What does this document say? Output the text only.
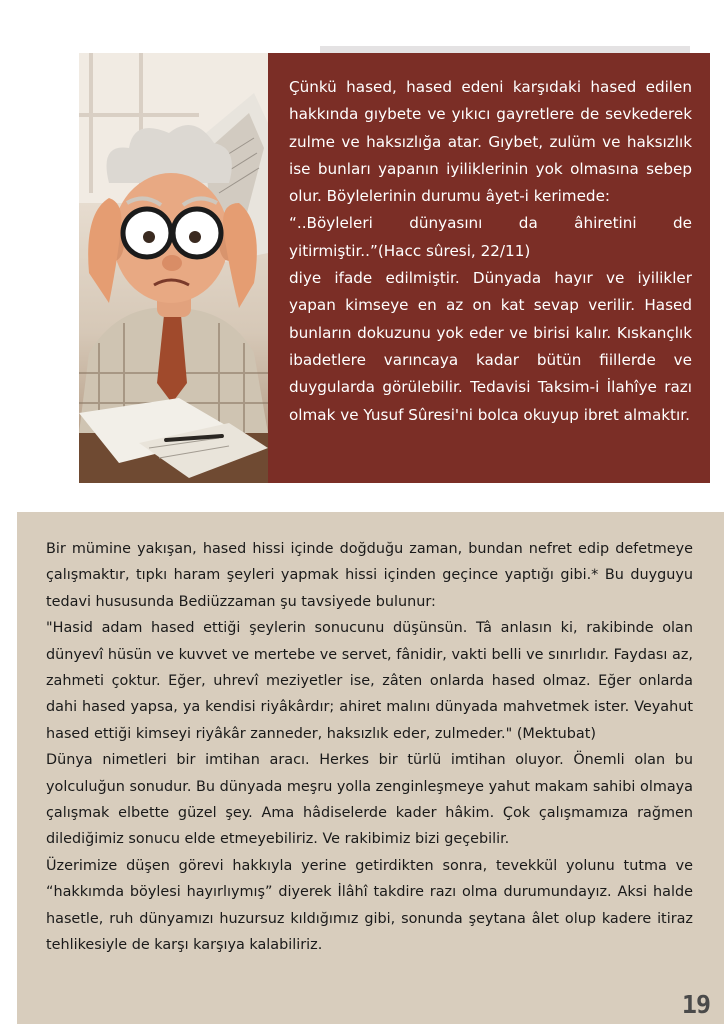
Çünkü hased, hased edeni karşıdaki hased edilen hakkında gıybete ve yıkıcı gayretlere de sevkederek zulme ve haksızlığa atar. Gıybet, zulüm ve haksızlık ise bunları yapanın iyiliklerinin yok olmasına sebep olur. Böylelerinin durumu âyet-i kerimede:

“..Böyleleri dünyasını da âhiretini de yitirmiştir..”(Hacc sûresi, 22/11)

diye ifade edilmiştir. Dünyada hayır ve iyilikler yapan kimseye en az on kat sevap verilir. Hased bunların dokuzunu yok eder ve birisi kalır. Kıskançlık ibadetlere varıncaya kadar bütün fiillerde ve duygularda görülebilir. Tedavisi Taksim-i İlahîye razı olmak ve Yusuf Sûresi'ni bolca okuyup ibret almaktır.

Bir mümine yakışan, hased hissi içinde doğduğu zaman, bundan nefret edip defetmeye çalışmaktır, tıpkı haram şeyleri yapmak hissi içinden geçince yaptığı gibi.* Bu duyguyu tedavi hususunda Bediüzzaman şu tavsiyede bulunur:

"Hasid adam hased ettiği şeylerin sonucunu düşünsün. Tâ anlasın ki, rakibinde olan dünyevî hüsün ve kuvvet ve mertebe ve servet, fânidir, vakti belli ve sınırlıdır. Faydası az, zahmeti çoktur. Eğer, uhrevî meziyetler ise, zâten onlarda hased olmaz. Eğer onlarda dahi hased yapsa, ya kendisi riyâkârdır; ahiret malını dünyada mahvetmek ister. Veyahut hased ettiği kimseyi riyâkâr zanneder, haksızlık eder, zulmeder." (Mektubat)

Dünya nimetleri bir imtihan aracı. Herkes bir türlü imtihan oluyor. Önemli olan bu yolculuğun sonudur. Bu dünyada meşru yolla zenginleşmeye yahut makam sahibi olmaya çalışmak elbette güzel şey. Ama hâdiselerde kader hâkim. Çok çalışmamıza rağmen dilediğimiz sonucu elde etmeyebiliriz. Ve rakibimiz bizi geçebilir.

Üzerimize düşen görevi hakkıyla yerine getirdikten sonra, tevekkül yolunu tutma ve “hakkımda böylesi hayırlıymış” diyerek İlâhî takdire razı olma durumundayız. Aksi halde hasetle, ruh dünyamızı huzursuz kıldığımız gibi, sonunda şeytana âlet olup kadere itiraz tehlikesiyle de karşı karşıya kalabiliriz.

19
